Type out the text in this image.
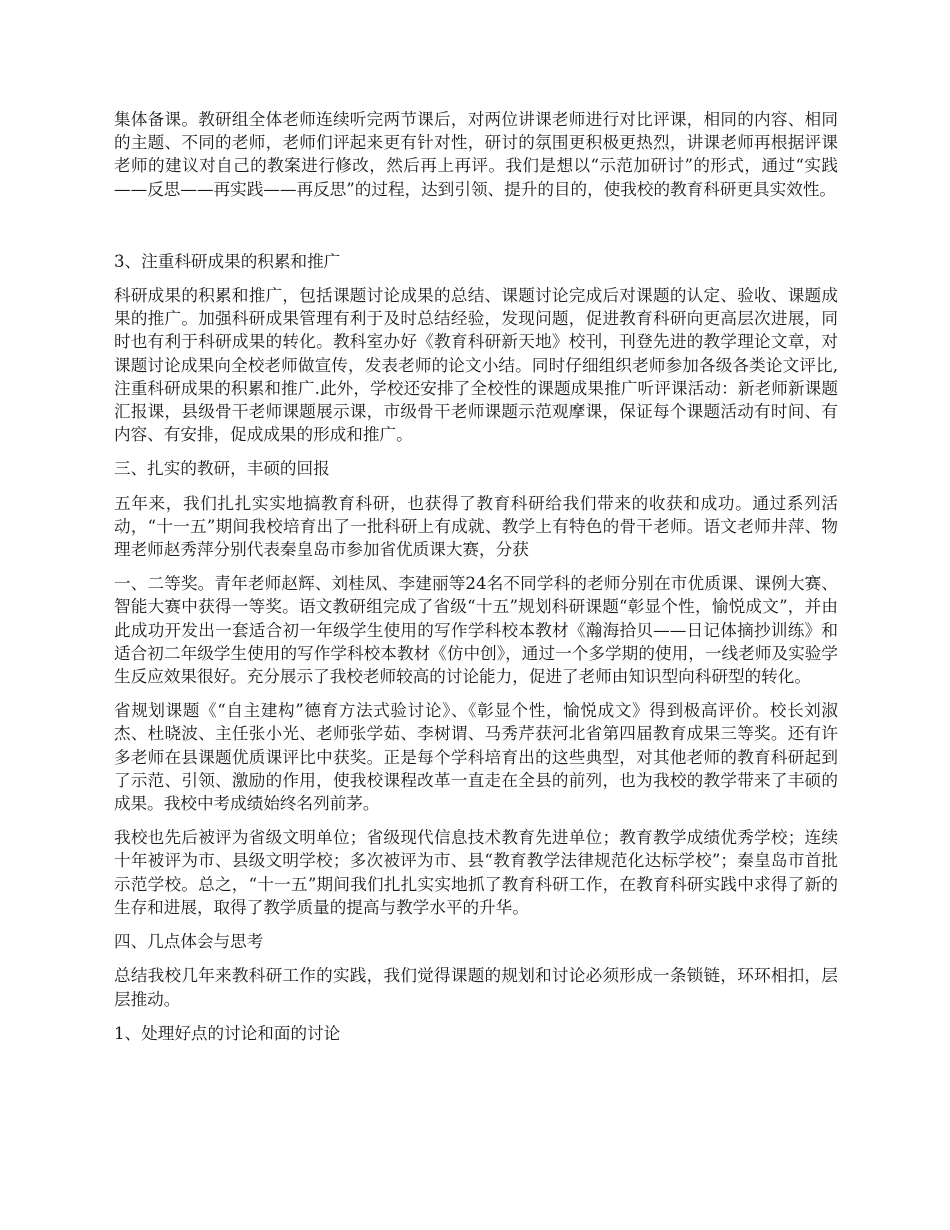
集体备课。教研组全体老师连续听完两节课后，对两位讲课老师进行对比评课，相同的内容、相同的主题、不同的老师，老师们评起来更有针对性，研讨的氛围更积极更热烈，讲课老师再根据评课老师的建议对自己的教案进行修改，然后再上再评。我们是想以“示范加研讨”的形式，通过“实践——反思——再实践——再反思”的过程，达到引领、提升的目的，使我校的教育科研更具实效性。

3、注重科研成果的积累和推广

科研成果的积累和推广，包括课题讨论成果的总结、课题讨论完成后对课题的认定、验收、课题成果的推广。加强科研成果管理有利于及时总结经验，发现问题，促进教育科研向更高层次进展，同时也有利于科研成果的转化。教科室办好《教育科研新天地》校刊，刊登先进的教学理论文章，对课题讨论成果向全校老师做宣传，发表老师的论文小结。同时仔细组织老师参加各级各类论文评比,注重科研成果的积累和推广.此外，学校还安排了全校性的课题成果推广听评课活动：新老师新课题汇报课，县级骨干老师课题展示课，市级骨干老师课题示范观摩课，保证每个课题活动有时间、有内容、有安排，促成成果的形成和推广。

三、扎实的教研，丰硕的回报

五年来，我们扎扎实实地搞教育科研，也获得了教育科研给我们带来的收获和成功。通过系列活动，“十一五”期间我校培育出了一批科研上有成就、教学上有特色的骨干老师。语文老师井萍、物理老师赵秀萍分别代表秦皇岛市参加省优质课大赛，分获

一、二等奖。青年老师赵辉、刘桂凤、李建丽等24名不同学科的老师分别在市优质课、课例大赛、智能大赛中获得一等奖。语文教研组完成了省级“十五”规划科研课题“彰显个性，愉悦成文”，并由此成功开发出一套适合初一年级学生使用的写作学科校本教材《瀚海拾贝——日记体摘抄训练》和适合初二年级学生使用的写作学科校本教材《仿中创》，通过一个多学期的使用，一线老师及实验学生反应效果很好。充分展示了我校老师较高的讨论能力，促进了老师由知识型向科研型的转化。

省规划课题《“自主建构”德育方法式验讨论》、《彰显个性，愉悦成文》得到极高评价。校长刘淑杰、杜晓波、主任张小光、老师张学茹、李树谓、马秀芹获河北省第四届教育成果三等奖。还有许多老师在县课题优质课评比中获奖。正是每个学科培育出的这些典型，对其他老师的教育科研起到了示范、引领、激励的作用，使我校课程改革一直走在全县的前列，也为我校的教学带来了丰硕的成果。我校中考成绩始终名列前茅。

我校也先后被评为省级文明单位；省级现代信息技术教育先进单位；教育教学成绩优秀学校；连续十年被评为市、县级文明学校；多次被评为市、县“教育教学法律规范化达标学校”；秦皇岛市首批示范学校。总之，“十一五”期间我们扎扎实实地抓了教育科研工作，在教育科研实践中求得了新的生存和进展，取得了教学质量的提高与教学水平的升华。

四、几点体会与思考

总结我校几年来教科研工作的实践，我们觉得课题的规划和讨论必须形成一条锁链，环环相扣，层层推动。

1、处理好点的讨论和面的讨论
